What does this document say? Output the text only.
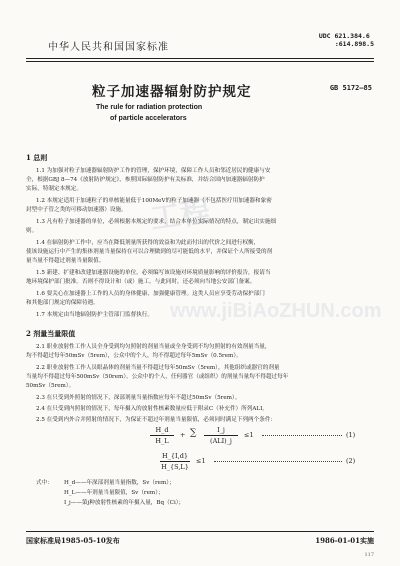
中华人民共和国国家标准
UDC 621.384.6
:614.898.5
粒子加速器辐射防护规定	GB 5172—85
The rule for radiation protection
of particle accelerators
工程
www.jiBiAoZHUN.com
1 总则
1.1 为加强对粒子加速器辐射防护工作的管理，保护环境，保障工作人员和邻近居民的健康与安
全，根据GBJ 8—74《放射防护规定》，参照国际辐射防护有关标准，并结合国内加速器辐射防护
实际，特制定本规定。
1.2 本规定适用于加速粒子的单核能量低于100MeV的粒子加速器（不包括医疗用加速器和象密
封型中子管之类的可移动加速器）设施。
1.3 凡有粒子加速器的单位，必须根据本规定的要求，结合本单位实际情况的特点，制定出实施细
则。
1.4 在辐射防护工作中，应当在降低剂量所获得的效益和为此而付出的代价之间进行权衡，
使该设施运行中产生的集体剂量当量保持在可以合理做到的尽可能低的水平，并保证个人所接受的剂
量当量不得超过剂量当量限值。
1.5 新建、扩建和改建加速器设施的单位，必须编写该设施对环境质量影响的评价报告，报请当
地环境保护部门批准。否则不得设计和（或）施工。与此同时，还必须向当地公安部门备案。
1.6 要关心在加速器上工作的人员的身体健康，加强健康管理。这类人员应享受劳动保护部门
和其他部门规定的保障待遇。
1.7 本规定由当地辐射防护主管部门监督执行。
2 剂量当量限值
2.1 职业放射性工作人员全身受到均匀照射的剂量当量或全身受到不均匀照射的有效剂量当量，
均不得超过每年50mSv（5rem），公众中的个人，均不得超过每年5mSv（0.5rem）。
2.2 职业放射性工作人员眼晶体的剂量当量不得超过每年50mSv（5rem），其他组织或器官的剂量
当量均不得超过每年500mSv（50rem）。公众中的个人，任何器官（或组织）的剂量当量均不得超过每年
50mSv（5rem）。
2.3 在只受到外照射的情况下，深部剂量当量指数应每年不超过50mSv（5rem）。
2.4 在只受到内照射的情况下，每年摄入的放射性核素数量应低于附录C（补充件）所列ALI。
2.5 在受到内外合并照射的情况下，为保证不超过年剂量当量限值，必须同时满足下列两个条件：
H_d
H_L
+ ∑	I_j
(ALI)_j
≤1	(1)
H_{I,d}
H_{S,L}
≤1	(2)
式中： H_d——年深部剂量当量指数，Sv（rem）；
H_L——年剂量当量限值，Sv（rem）；
I_j——第j种放射性核素的年摄入量，Bq（Ci）；
国家标准局1985-05-10发布	1986-01-01实施
117
